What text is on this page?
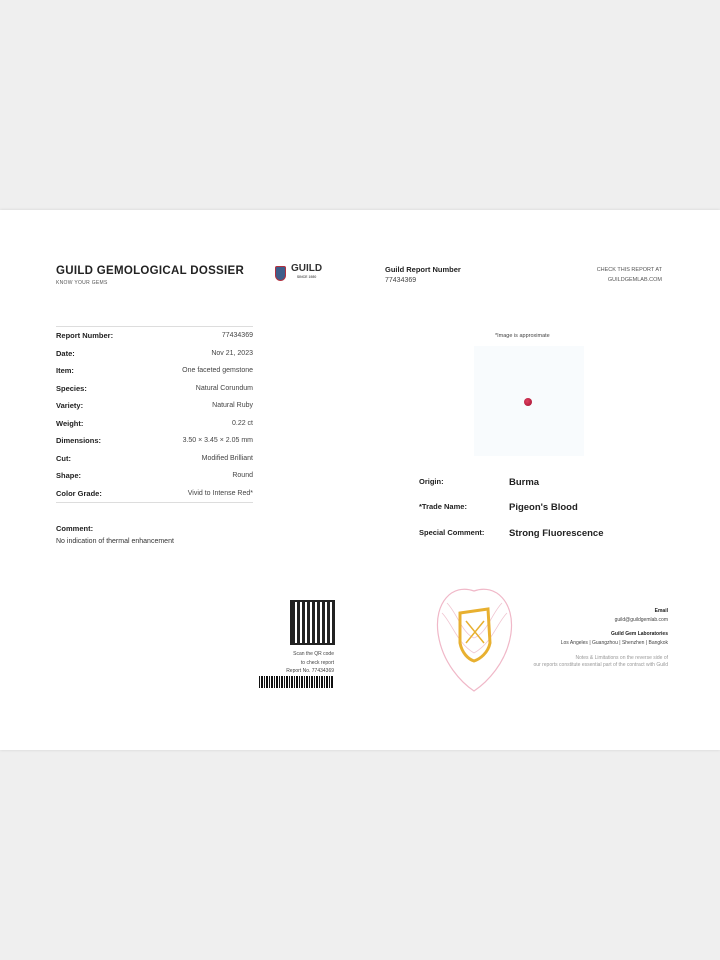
GUILD GEMOLOGICAL DOSSIER
KNOW YOUR GEMS
GUILD
SINCE 1980
Guild Report Number
77434369
CHECK THIS REPORT AT
GUILDGEMLAB.COM
Report Number:	77434369
Date:	Nov 21, 2023
Item:	One faceted gemstone
Species:	Natural Corundum
Variety:	Natural Ruby
Weight:	0.22 ct
Dimensions:	3.50 × 3.45 × 2.05 mm
Cut:	Modified Brilliant
Shape:	Round
Color Grade:	Vivid to Intense Red*
Comment:
No indication of thermal enhancement
*Image is approximate
Origin:	Burma
*Trade Name:	Pigeon's Blood
Special Comment:	Strong Fluorescence
Scan the QR code
to check report
Report No. 77434369
Email
guild@guildgemlab.com
Guild Gem Laboratories
Los Angeles | Guangzhou | Shenzhen | Bangkok
Notes & Limitations on the reverse side of
our reports constitute essential part of the contract with Guild
